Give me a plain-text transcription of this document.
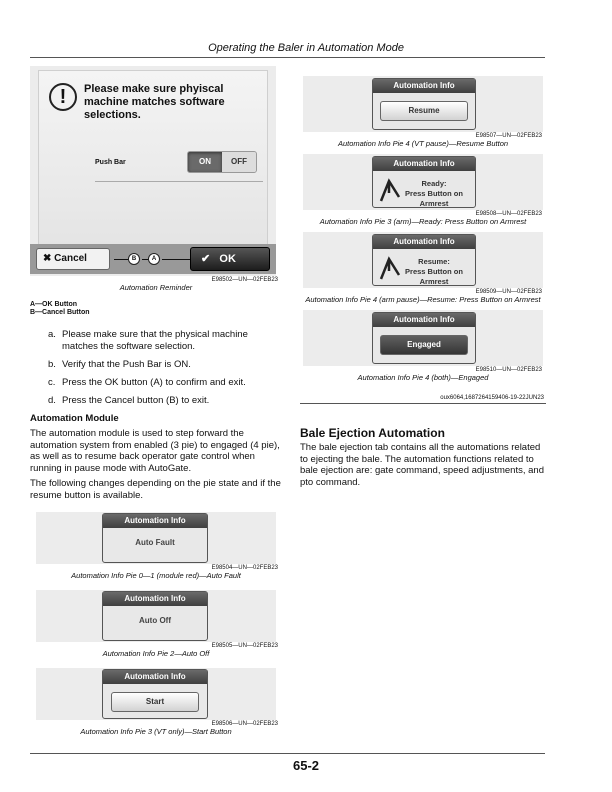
Operating the Baler in Automation Mode
!	Please make sure phyiscal machine matches software selections.
Push Bar	ON	OFF
✖ Cancel	B	A	✔ OK
E98502—UN—02FEB23
Automation Reminder
A—OK Button
B—Cancel Button
a. Please make sure that the physical machine matches the software selection.
b. Verify that the Push Bar is ON.
c. Press the OK button (A) to confirm and exit.
d. Press the Cancel button (B) to exit.
Automation Module
The automation module is used to step forward the automation system from enabled (3 pie) to engaged (4 pie), as well as to resume back operator gate control when running in pause mode with AutoGate.
The following changes depending on the pie state and if the resume button is available.
Automation Info
Auto Fault
E98504—UN—02FEB23
Automation Info Pie 0—1 (module red)—Auto Fault
Automation Info
Auto Off
E98505—UN—02FEB23
Automation Info Pie 2—Auto Off
Automation Info
Start
E98506—UN—02FEB23
Automation Info Pie 3 (VT only)—Start Button
Automation Info
Resume
E98507—UN—02FEB23
Automation Info Pie 4 (VT pause)—Resume Button
Automation Info
Ready:
Press Button on
Armrest
E98508—UN—02FEB23
Automation Info Pie 3 (arm)—Ready: Press Button on Armrest
Automation Info
Resume:
Press Button on
Armrest
E98509—UN—02FEB23
Automation Info Pie 4 (arm pause)—Resume: Press Button on Armrest
Automation Info
Engaged
E98510—UN—02FEB23
Automation Info Pie 4 (both)—Engaged
oux6064,1687264159406-19-22JUN23
Bale Ejection Automation
The bale ejection tab contains all the automations related to ejecting the bale. The automation functions related to bale ejection are: gate command, speed adjustments, and pto command.
65-2
